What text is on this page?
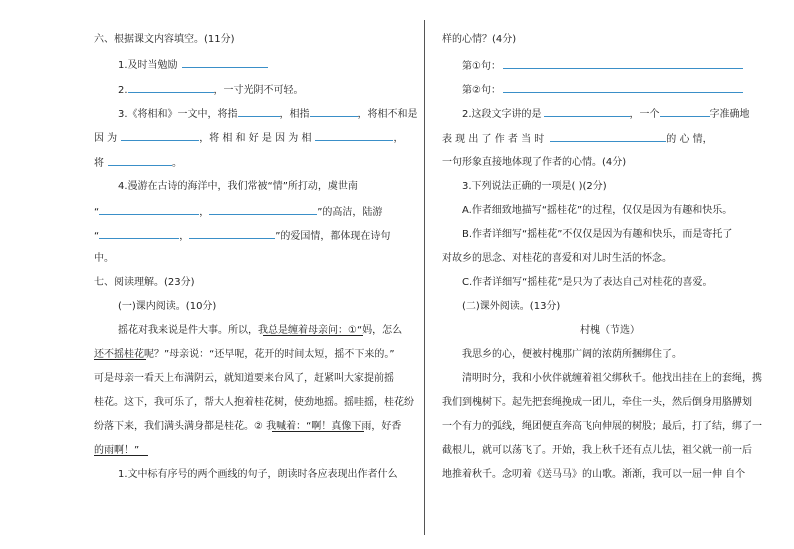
六、根据课文内容填空。(11分)
1.及时当勉励
2.	，一寸光阴不可轻。
3.《将相和》一文中，将指	，相指	，将相不和是
因 为	，将 相 和 好 是 因 为 相	，
将	。
4.漫游在古诗的海洋中，我们常被“情”所打动，虞世南
“	，	”的高洁，陆游
“	，	”的爱国情，都体现在诗句
中。
七、阅读理解。(23分)
(一)课内阅读。(10分)
摇花对我来说是件大事。所以，我总是缠着母亲问：①“妈，怎么
还不摇桂花呢？”母亲说：“还早呢，花开的时间太短，摇不下来的。”
可是母亲一看天上布满阴云，就知道要来台风了，赶紧叫大家提前摇
桂花。这下，我可乐了，帮大人抱着桂花树，使劲地摇。摇哇摇，桂花纷
纷落下来，我们满头满身都是桂花。② 我喊着：“啊！真像下雨，好香
的雨啊！”
1.文中标有序号的两个画线的句子，朗读时各应表现出作者什么
样的心情？(4分)
第①句：
第②句：
2.这段文字讲的是	，一个	字准确地
表 现 出 了 作 者 当 时	的 心 情，
一句形象直接地体现了作者的心情。(4分)
3.下列说法正确的一项是( )(2分)
A.作者细致地描写“摇桂花”的过程，仅仅是因为有趣和快乐。
B.作者详细写“摇桂花”不仅仅是因为有趣和快乐，而是寄托了
对故乡的思念、对桂花的喜爱和对儿时生活的怀念。
C.作者详细写“摇桂花”是只为了表达自己对桂花的喜爱。
(二)课外阅读。(13分)
村槐（节选）
我思乡的心，便被村槐那广阔的浓荫所捆绑住了。
清明时分，我和小伙伴就缠着祖父绑秋千。他找出挂在上的套绳，携
我们到槐树下。起先把套绳挽成一团儿，牵住一头，然后倒身用胳膊划
一个有力的弧线，绳团便直奔高飞向伸展的树股；最后，打了结，绑了一
截根儿，就可以荡飞了。开始，我上秋千还有点儿怯，祖父就一前一后
地推着秋千。念叨着《送马马》的山歌。渐渐，我可以一屈一伸 自个
